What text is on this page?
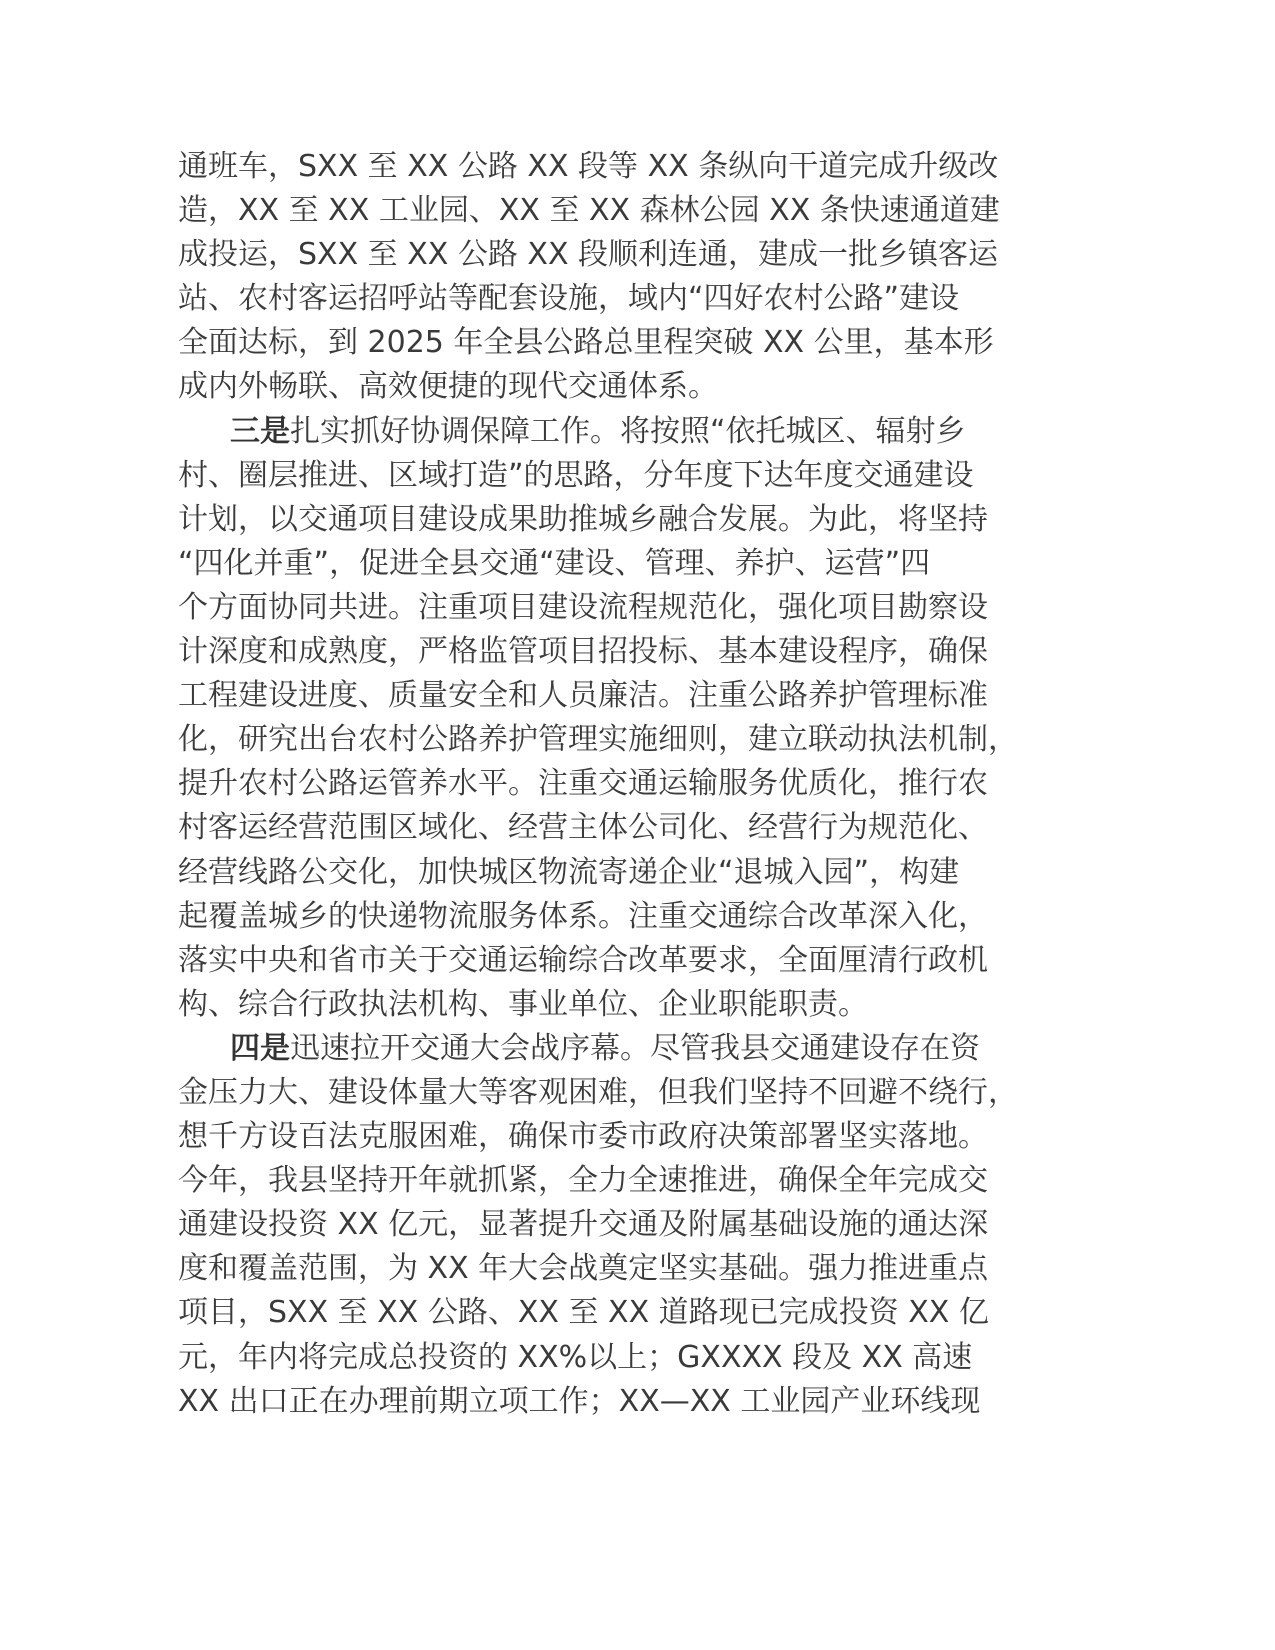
通班车，SXX 至 XX 公路 XX 段等 XX 条纵向干道完成升级改
造，XX 至 XX 工业园、XX 至 XX 森林公园 XX 条快速通道建
成投运，SXX 至 XX 公路 XX 段顺利连通，建成一批乡镇客运
站、农村客运招呼站等配套设施，域内“四好农村公路”建设
全面达标，到 2025 年全县公路总里程突破 XX 公里，基本形
成内外畅联、高效便捷的现代交通体系。
三是扎实抓好协调保障工作。将按照“依托城区、辐射乡
村、圈层推进、区域打造”的思路，分年度下达年度交通建设
计划，以交通项目建设成果助推城乡融合发展。为此，将坚持
“四化并重”，促进全县交通“建设、管理、养护、运营”四
个方面协同共进。注重项目建设流程规范化，强化项目勘察设
计深度和成熟度，严格监管项目招投标、基本建设程序，确保
工程建设进度、质量安全和人员廉洁。注重公路养护管理标准
化，研究出台农村公路养护管理实施细则，建立联动执法机制，
提升农村公路运管养水平。注重交通运输服务优质化，推行农
村客运经营范围区域化、经营主体公司化、经营行为规范化、
经营线路公交化，加快城区物流寄递企业“退城入园”，构建
起覆盖城乡的快递物流服务体系。注重交通综合改革深入化，
落实中央和省市关于交通运输综合改革要求，全面厘清行政机
构、综合行政执法机构、事业单位、企业职能职责。
四是迅速拉开交通大会战序幕。尽管我县交通建设存在资
金压力大、建设体量大等客观困难，但我们坚持不回避不绕行，
想千方设百法克服困难，确保市委市政府决策部署坚实落地。
今年，我县坚持开年就抓紧，全力全速推进，确保全年完成交
通建设投资 XX 亿元，显著提升交通及附属基础设施的通达深
度和覆盖范围，为 XX 年大会战奠定坚实基础。强力推进重点
项目，SXX 至 XX 公路、XX 至 XX 道路现已完成投资 XX 亿
元，年内将完成总投资的 XX%以上；GXXXX 段及 XX 高速
XX 出口正在办理前期立项工作；XX—XX 工业园产业环线现
